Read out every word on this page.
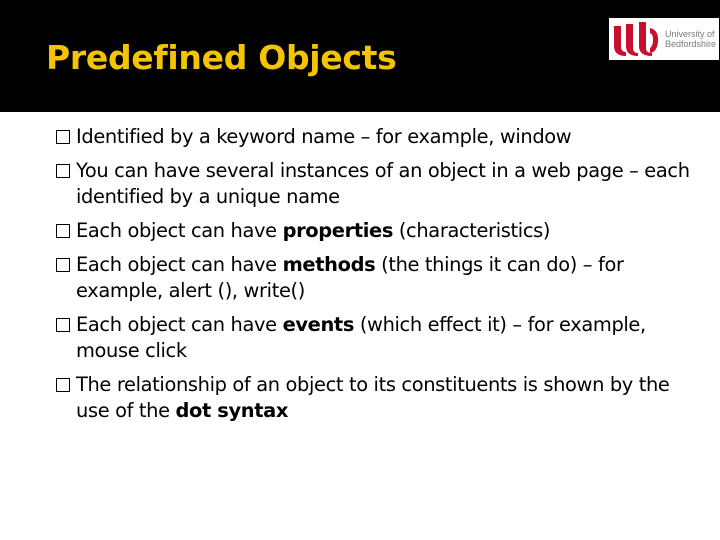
Predefined Objects
University of
Bedfordshire
Identified by a keyword name – for example, window
You can have several instances of an object in a web page – each identified by a unique name
Each object can have properties (characteristics)
Each object can have methods (the things it can do) – for example, alert (), write()
Each object can have events (which effect it) – for example, mouse click
The relationship of an object to its constituents is shown by the use of the dot syntax
